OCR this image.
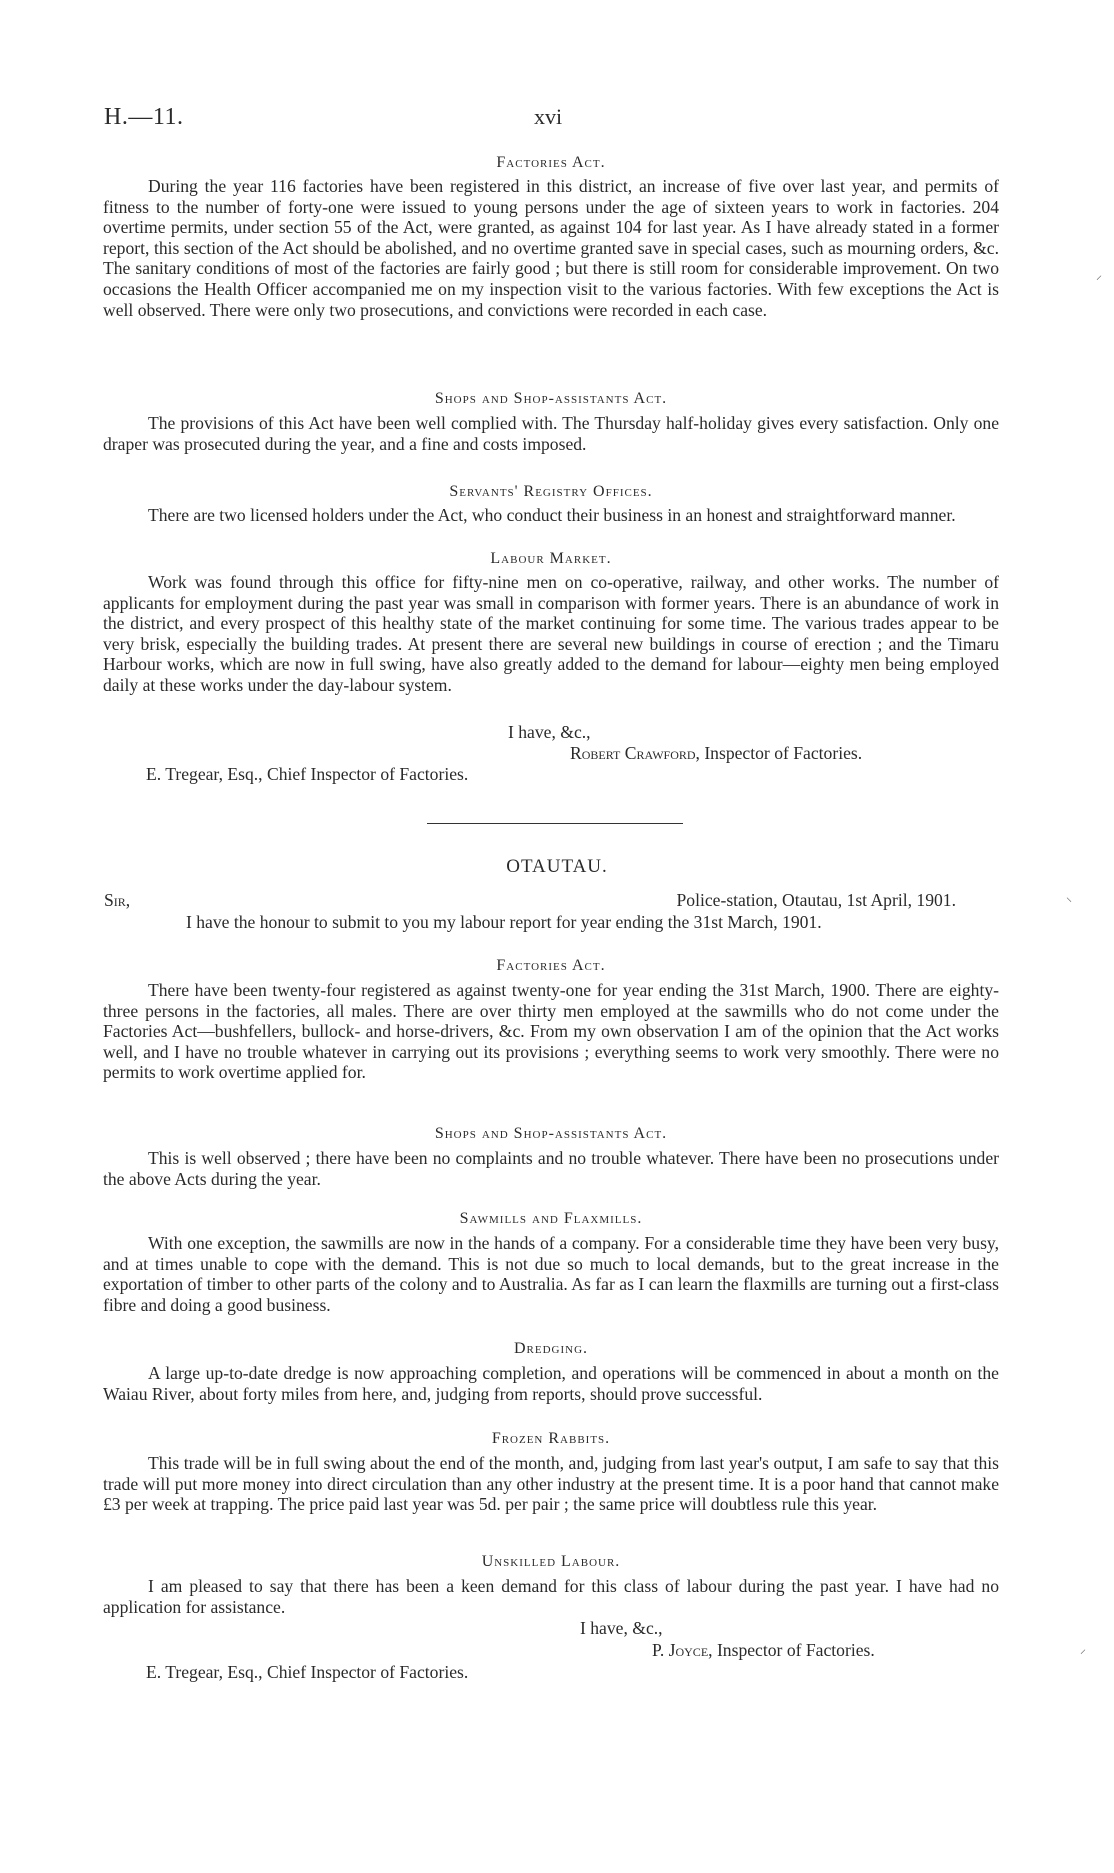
H.—11.	xvi
Factories Act.

During the year 116 factories have been registered in this district, an increase of five over last year, and permits of fitness to the number of forty-one were issued to young persons under the age of sixteen years to work in factories. 204 overtime permits, under section 55 of the Act, were granted, as against 104 for last year. As I have already stated in a former report, this section of the Act should be abolished, and no overtime granted save in special cases, such as mourning orders, &c. The sanitary conditions of most of the factories are fairly good ; but there is still room for considerable improvement. On two occasions the Health Officer accompanied me on my inspection visit to the various factories. With few exceptions the Act is well observed. There were only two prosecutions, and convictions were recorded in each case.

Shops and Shop-assistants Act.

The provisions of this Act have been well complied with. The Thursday half-holiday gives every satisfaction. Only one draper was prosecuted during the year, and a fine and costs imposed.

Servants' Registry Offices.

There are two licensed holders under the Act, who conduct their business in an honest and straightforward manner.

Labour Market.

Work was found through this office for fifty-nine men on co-operative, railway, and other works. The number of applicants for employment during the past year was small in comparison with former years. There is an abundance of work in the district, and every prospect of this healthy state of the market continuing for some time. The various trades appear to be very brisk, especially the building trades. At present there are several new buildings in course of erection ; and the Timaru Harbour works, which are now in full swing, have also greatly added to the demand for labour—eighty men being employed daily at these works under the day-labour system.

I have, &c.,
Robert Crawford, Inspector of Factories.
E. Tregear, Esq., Chief Inspector of Factories.
OTAUTAU.
Sir,	Police-station, Otautau, 1st April, 1901.

I have the honour to submit to you my labour report for year ending the 31st March, 1901.

Factories Act.

There have been twenty-four registered as against twenty-one for year ending the 31st March, 1900. There are eighty-three persons in the factories, all males. There are over thirty men employed at the sawmills who do not come under the Factories Act—bushfellers, bullock- and horse-drivers, &c. From my own observation I am of the opinion that the Act works well, and I have no trouble whatever in carrying out its provisions ; everything seems to work very smoothly. There were no permits to work overtime applied for.

Shops and Shop-assistants Act.

This is well observed ; there have been no complaints and no trouble whatever. There have been no prosecutions under the above Acts during the year.

Sawmills and Flaxmills.

With one exception, the sawmills are now in the hands of a company. For a considerable time they have been very busy, and at times unable to cope with the demand. This is not due so much to local demands, but to the great increase in the exportation of timber to other parts of the colony and to Australia. As far as I can learn the flaxmills are turning out a first-class fibre and doing a good business.

Dredging.

A large up-to-date dredge is now approaching completion, and operations will be commenced in about a month on the Waiau River, about forty miles from here, and, judging from reports, should prove successful.

Frozen Rabbits.

This trade will be in full swing about the end of the month, and, judging from last year's output, I am safe to say that this trade will put more money into direct circulation than any other industry at the present time. It is a poor hand that cannot make £3 per week at trapping. The price paid last year was 5d. per pair ; the same price will doubtless rule this year.

Unskilled Labour.

I am pleased to say that there has been a keen demand for this class of labour during the past year. I have had no application for assistance.

I have, &c.,
P. Joyce, Inspector of Factories.
E. Tregear, Esq., Chief Inspector of Factories.
⸝
⸜
⸝
